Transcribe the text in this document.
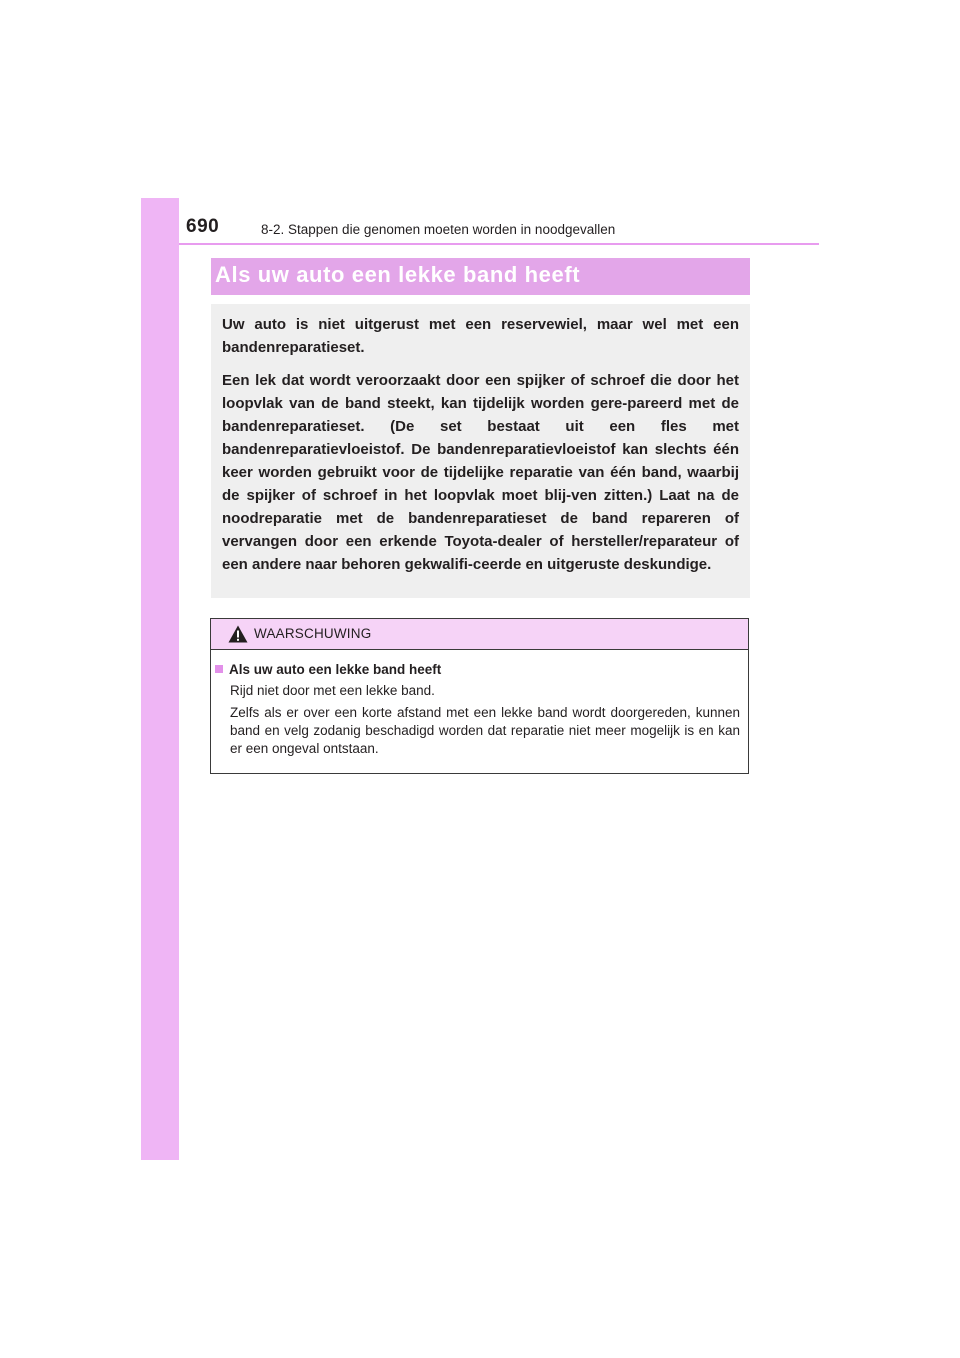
690	8-2. Stappen die genomen moeten worden in noodgevallen
Als uw auto een lekke band heeft

Uw auto is niet uitgerust met een reservewiel, maar wel met een bandenreparatieset.

Een lek dat wordt veroorzaakt door een spijker of schroef die door het loopvlak van de band steekt, kan tijdelijk worden gere-pareerd met de bandenreparatieset. (De set bestaat uit een fles met bandenreparatievloeistof. De bandenreparatievloeistof kan slechts één keer worden gebruikt voor de tijdelijke reparatie van één band, waarbij de spijker of schroef in het loopvlak moet blij-ven zitten.) Laat na de noodreparatie met de bandenreparatieset de band repareren of vervangen door een erkende Toyota-dealer of hersteller/reparateur of een andere naar behoren gekwalifi-ceerde en uitgeruste deskundige.

WAARSCHUWING
Als uw auto een lekke band heeft

Rijd niet door met een lekke band.

Zelfs als er over een korte afstand met een lekke band wordt doorgereden, kunnen band en velg zodanig beschadigd worden dat reparatie niet meer mogelijk is en kan er een ongeval ontstaan.
